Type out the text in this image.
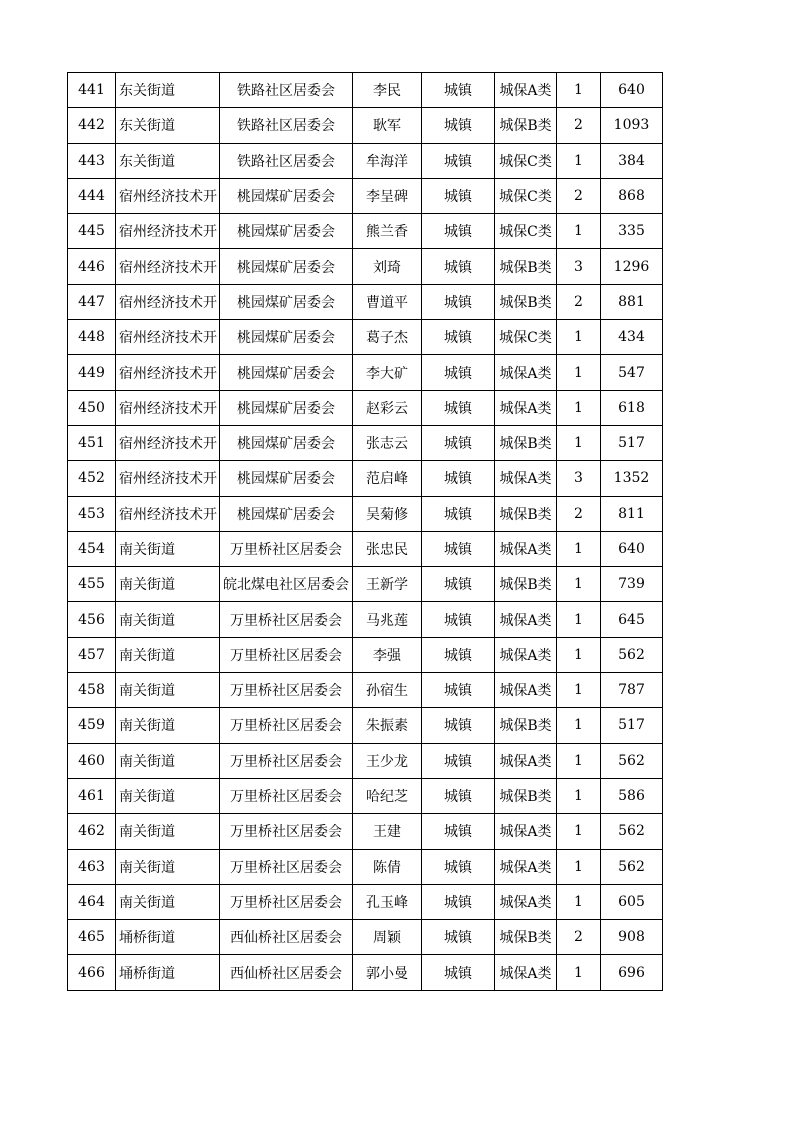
441	东关街道	铁路社区居委会	李民	城镇	城保A类	1	640
442	东关街道	铁路社区居委会	耿军	城镇	城保B类	2	1093
443	东关街道	铁路社区居委会	牟海洋	城镇	城保C类	1	384
444	宿州经济技术开	桃园煤矿居委会	李呈碑	城镇	城保C类	2	868
445	宿州经济技术开	桃园煤矿居委会	熊兰香	城镇	城保C类	1	335
446	宿州经济技术开	桃园煤矿居委会	刘琦	城镇	城保B类	3	1296
447	宿州经济技术开	桃园煤矿居委会	曹道平	城镇	城保B类	2	881
448	宿州经济技术开	桃园煤矿居委会	葛子杰	城镇	城保C类	1	434
449	宿州经济技术开	桃园煤矿居委会	李大矿	城镇	城保A类	1	547
450	宿州经济技术开	桃园煤矿居委会	赵彩云	城镇	城保A类	1	618
451	宿州经济技术开	桃园煤矿居委会	张志云	城镇	城保B类	1	517
452	宿州经济技术开	桃园煤矿居委会	范启峰	城镇	城保A类	3	1352
453	宿州经济技术开	桃园煤矿居委会	吴菊修	城镇	城保B类	2	811
454	南关街道	万里桥社区居委会	张忠民	城镇	城保A类	1	640
455	南关街道	皖北煤电社区居委会	王新学	城镇	城保B类	1	739
456	南关街道	万里桥社区居委会	马兆莲	城镇	城保A类	1	645
457	南关街道	万里桥社区居委会	李强	城镇	城保A类	1	562
458	南关街道	万里桥社区居委会	孙宿生	城镇	城保A类	1	787
459	南关街道	万里桥社区居委会	朱振素	城镇	城保B类	1	517
460	南关街道	万里桥社区居委会	王少龙	城镇	城保A类	1	562
461	南关街道	万里桥社区居委会	哈纪芝	城镇	城保B类	1	586
462	南关街道	万里桥社区居委会	王建	城镇	城保A类	1	562
463	南关街道	万里桥社区居委会	陈倩	城镇	城保A类	1	562
464	南关街道	万里桥社区居委会	孔玉峰	城镇	城保A类	1	605
465	埇桥街道	西仙桥社区居委会	周颖	城镇	城保B类	2	908
466	埇桥街道	西仙桥社区居委会	郭小曼	城镇	城保A类	1	696
